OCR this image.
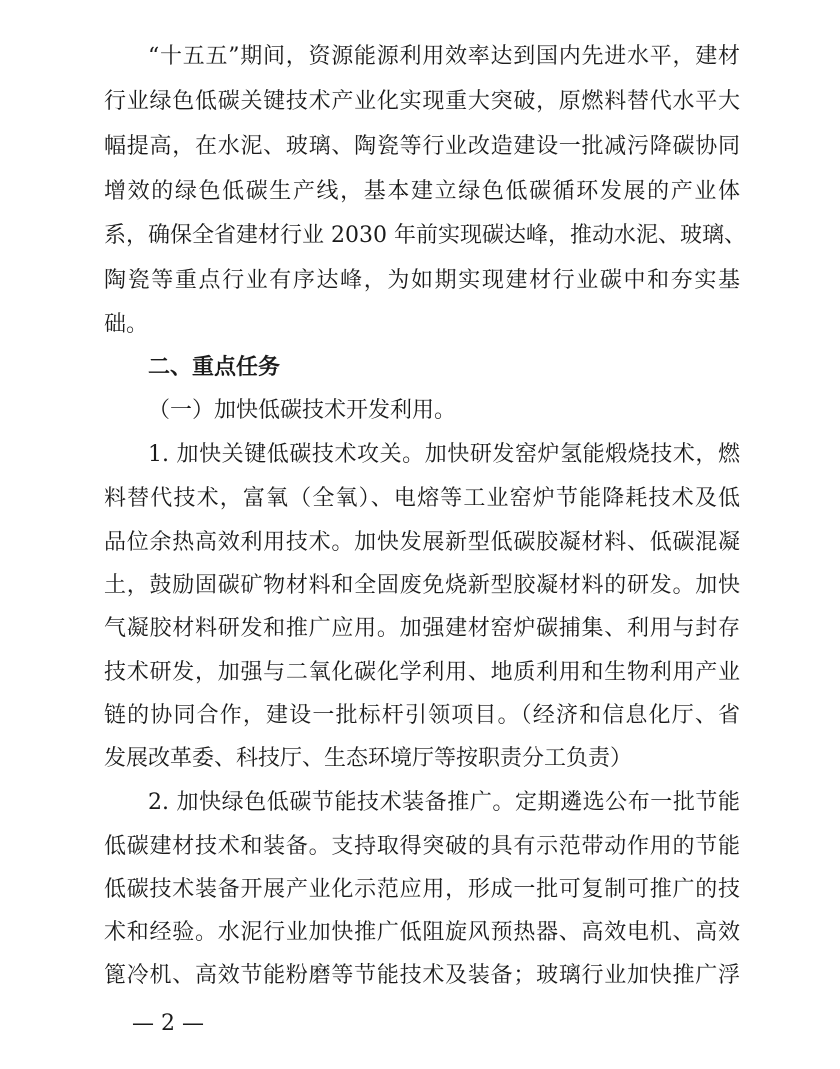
“十五五”期间，资源能源利用效率达到国内先进水平，建材
行业绿色低碳关键技术产业化实现重大突破，原燃料替代水平大
幅提高，在水泥、玻璃、陶瓷等行业改造建设一批减污降碳协同
增效的绿色低碳生产线，基本建立绿色低碳循环发展的产业体
系，确保全省建材行业 2030 年前实现碳达峰，推动水泥、玻璃、
陶瓷等重点行业有序达峰，为如期实现建材行业碳中和夯实基
础。
二、重点任务
（一）加快低碳技术开发利用。
1. 加快关键低碳技术攻关。加快研发窑炉氢能煅烧技术，燃
料替代技术，富氧（全氧）、电熔等工业窑炉节能降耗技术及低
品位余热高效利用技术。加快发展新型低碳胶凝材料、低碳混凝
土，鼓励固碳矿物材料和全固废免烧新型胶凝材料的研发。加快
气凝胶材料研发和推广应用。加强建材窑炉碳捕集、利用与封存
技术研发，加强与二氧化碳化学利用、地质利用和生物利用产业
链的协同合作，建设一批标杆引领项目。（经济和信息化厅、省
发展改革委、科技厅、生态环境厅等按职责分工负责）
2. 加快绿色低碳节能技术装备推广。定期遴选公布一批节能
低碳建材技术和装备。支持取得突破的具有示范带动作用的节能
低碳技术装备开展产业化示范应用，形成一批可复制可推广的技
术和经验。水泥行业加快推广低阻旋风预热器、高效电机、高效
篦冷机、高效节能粉磨等节能技术及装备；玻璃行业加快推广浮
— 2 —
